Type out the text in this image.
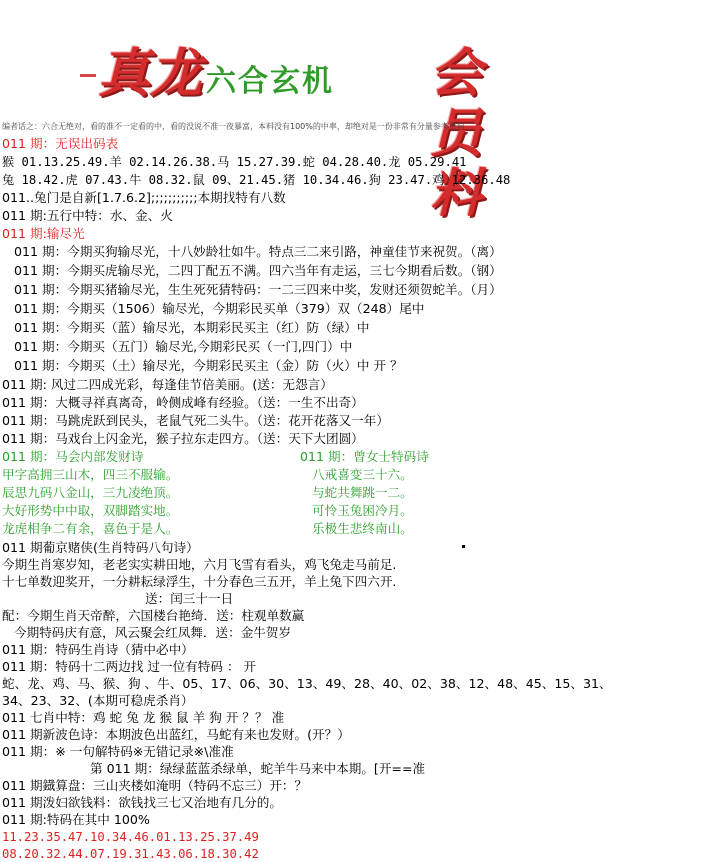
真龙 六合玄机 会员料
编者话之：六合无绝对，看的准不一定看的中，看的没说不准一夜暴富，本料没有100%的中率，却绝对是一份非常有分量参考资料
011 期：无误出码表
猴 01.13.25.49.羊 02.14.26.38.马 15.27.39.蛇 04.28.40.龙 05.29.41
兔 18.42.虎 07.43.牛 08.32.鼠 09、21.45.猪 10.34.46.狗 23.47.鸡 12.36.48
011..兔门是自新[1.7.6.2];;;;;;;;;;;本期找特有八数
011 期:五行中特：水、金、火
011 期:输尽光
011 期：今期买狗输尽光，十八妙龄壮如牛。特点三二来引路，神童佳节来祝贺。（离）
011 期：今期买虎输尽光，二四丁配五不满。四六当年有走运，三七今期看后数。（钢）
011 期：今期买猪输尽光，生生死死猜特码：一二三四来中奖，发财还须贺蛇羊。（月）
011 期：今期买（1506）输尽光，今期彩民买单（379）双（248）尾中
011 期：今期买（蓝）输尽光，本期彩民买主（红）防（绿）中
011 期：今期买（五门）输尽光,今期彩民买（一门,四门）中
011 期：今期买（土）输尽光，今期彩民买主（金）防（火）中 开 ？
011 期: 风过二四成光彩，每逢佳节倍美丽。(送：无怨言）
011 期：大概寻祥真离奇，岭侧成峰有经验。（送：一生不出奇）
011 期：马跳虎跃到民头，老鼠气死二头牛。（送：花开花落又一年）
011 期：马戏台上闪金光，猴子拉东走四方。（送：天下大团圆）
011 期：马会内部发财诗	011 期：曾女士特码诗
甲字高拥三山木，四三不服输。	八戒喜变三十六。
辰思九码八金山，三九凌绝顶。	与蛇共舞跳一二。
大好形势中中取，双脚踏实地。	可怜玉兔困冷月。
龙虎相争二有余，喜色于是人。	乐极生悲终南山。
011 期葡京赌侠(生肖特码八句诗）
今期生肖寒岁知，老老实实耕田地，六月飞雪有看头，鸡飞兔走马前足.
十七单数迎奖开，一分耕耘绿浮生，十分春色三五开，羊上兔下四六开.
送：闰三十一日
配：今期生肖天帝醉，六国楼台艳绮．送：柱观单数赢
今期特码庆有意，风云聚会红凤舞．送：金牛贺岁
011 期：特码生肖诗（猜中必中）
011 期：特码十二两边找 过一位有特码 ： 开
蛇、龙、鸡、马、猴、狗 、牛、05、17、06、30、13、49、28、40、02、38、12、48、45、15、31、
34、23、32、(本期可稳虎杀肖）
011 七肖中特：鸡 蛇 兔 龙 猴 鼠 羊 狗 开 ？？ 准
011 期新波色诗：本期波色出蓝红，马蛇有来也发财。(开？）
011 期：※ 一句解特码※无错记录※\准准
第 011 期：绿绿蓝蓝杀绿单，蛇羊牛马来中本期。[开==准
011 期鐡算盘：三山夹楼如淹明（特码不忘三）开：？
011 期泼妇欲钱料：欲钱找三七又治地有几分的。
011 期:特码在其中 100%
11.23.35.47.10.34.46.01.13.25.37.49
08.20.32.44.07.19.31.43.06.18.30.42
